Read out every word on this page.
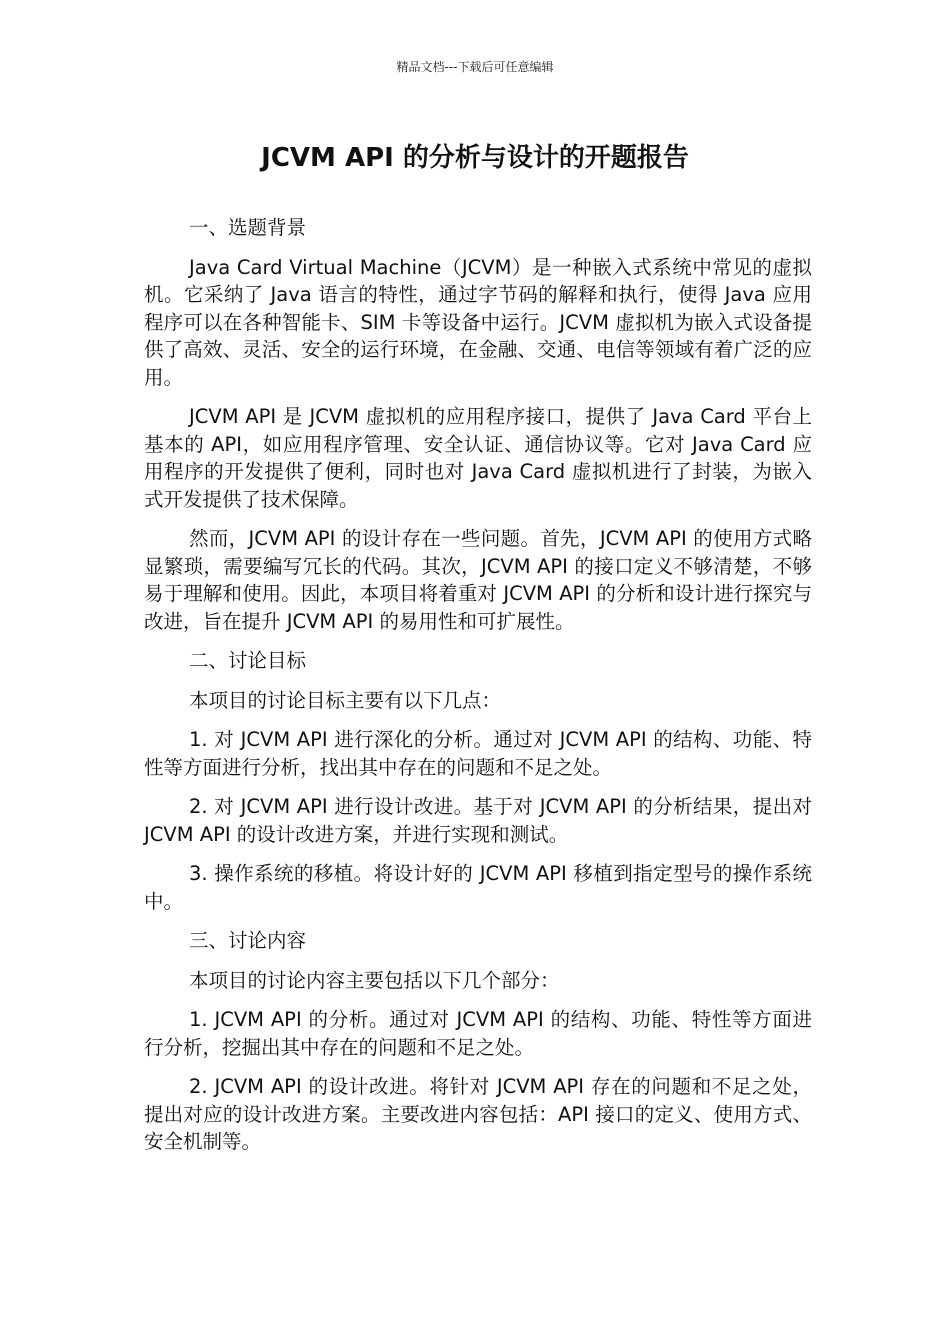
精品文档---下载后可任意编辑
JCVM API 的分析与设计的开题报告

一、选题背景

Java Card Virtual Machine（JCVM）是一种嵌入式系统中常见的虚拟机。它采纳了 Java 语言的特性，通过字节码的解释和执行，使得 Java 应用程序可以在各种智能卡、SIM 卡等设备中运行。JCVM 虚拟机为嵌入式设备提供了高效、灵活、安全的运行环境，在金融、交通、电信等领域有着广泛的应用。

JCVM API 是 JCVM 虚拟机的应用程序接口，提供了 Java Card 平台上基本的 API，如应用程序管理、安全认证、通信协议等。它对 Java Card 应用程序的开发提供了便利，同时也对 Java Card 虚拟机进行了封装，为嵌入式开发提供了技术保障。

然而，JCVM API 的设计存在一些问题。首先，JCVM API 的使用方式略显繁琐，需要编写冗长的代码。其次，JCVM API 的接口定义不够清楚，不够易于理解和使用。因此，本项目将着重对 JCVM API 的分析和设计进行探究与改进，旨在提升 JCVM API 的易用性和可扩展性。

二、讨论目标

本项目的讨论目标主要有以下几点：

1. 对 JCVM API 进行深化的分析。通过对 JCVM API 的结构、功能、特性等方面进行分析，找出其中存在的问题和不足之处。

2. 对 JCVM API 进行设计改进。基于对 JCVM API 的分析结果，提出对 JCVM API 的设计改进方案，并进行实现和测试。

3. 操作系统的移植。将设计好的 JCVM API 移植到指定型号的操作系统中。

三、讨论内容

本项目的讨论内容主要包括以下几个部分：

1. JCVM API 的分析。通过对 JCVM API 的结构、功能、特性等方面进行分析，挖掘出其中存在的问题和不足之处。

2. JCVM API 的设计改进。将针对 JCVM API 存在的问题和不足之处，提出对应的设计改进方案。主要改进内容包括：API 接口的定义、使用方式、安全机制等。
